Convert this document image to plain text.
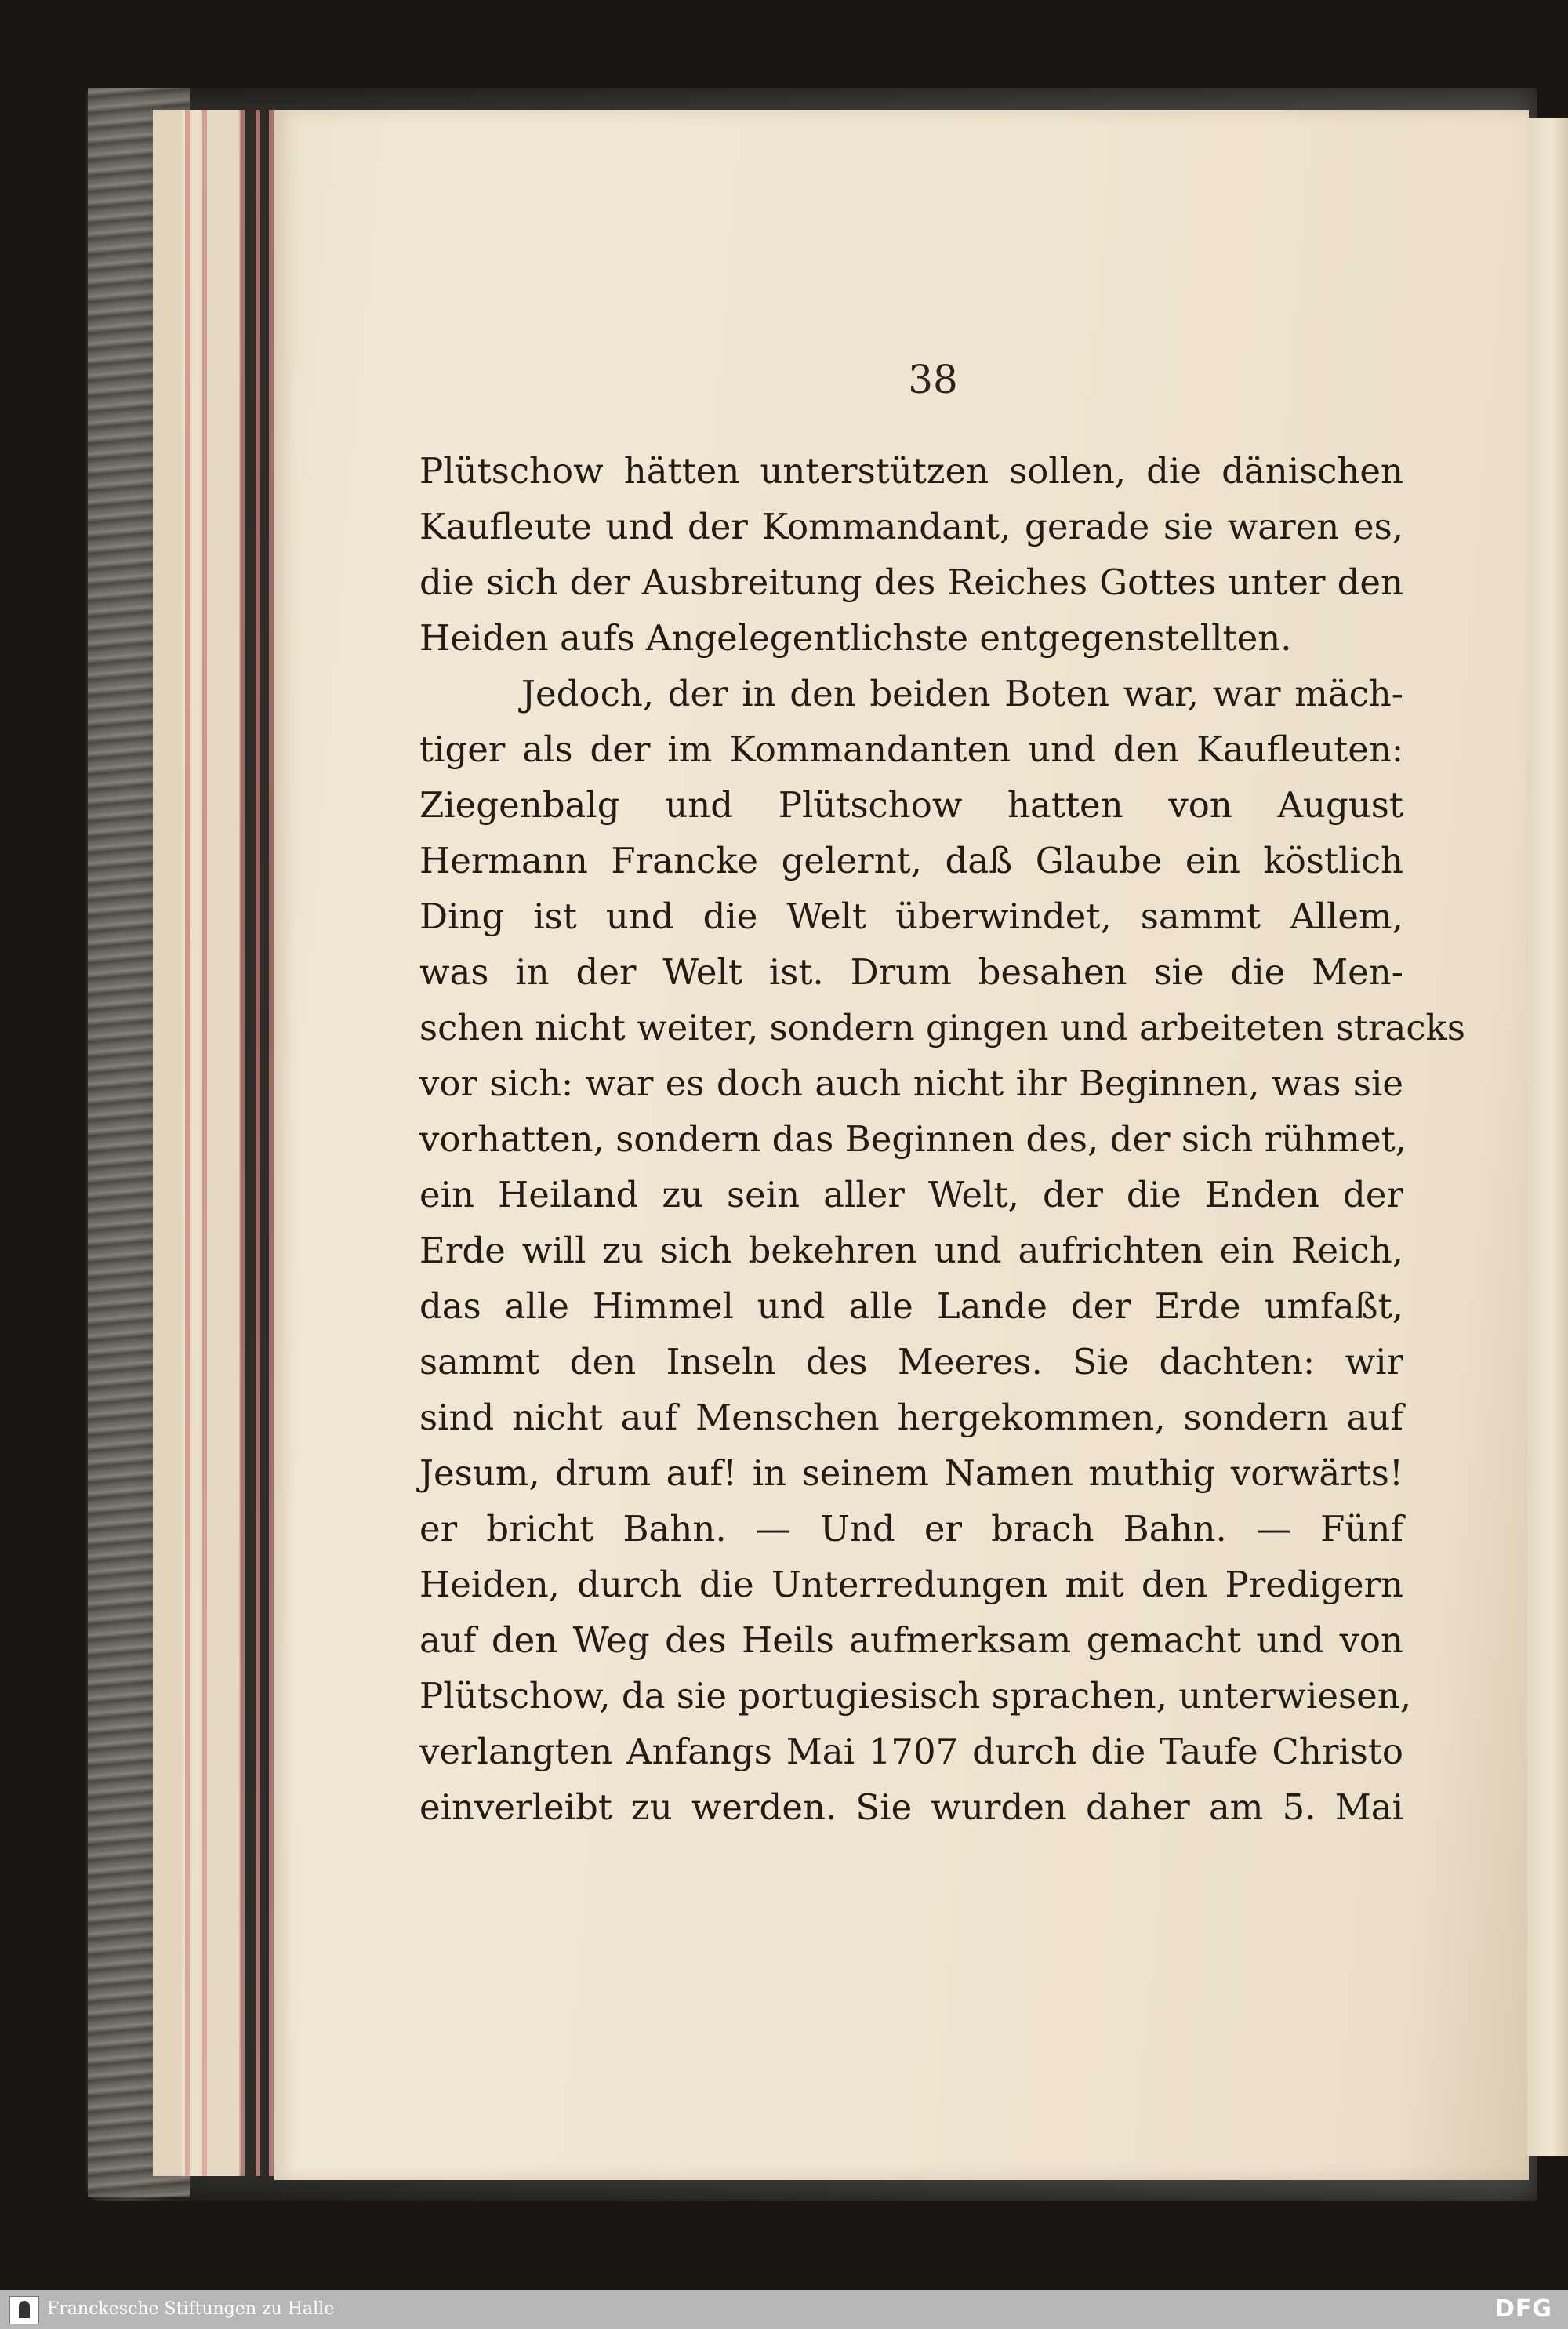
38
Plütschow hätten unterstützen sollen, die dänischen
Kaufleute und der Kommandant, gerade sie waren es,
die sich der Ausbreitung des Reiches Gottes unter den
Heiden aufs Angelegentlichste entgegenstellten.
Jedoch, der in den beiden Boten war, war mäch-
tiger als der im Kommandanten und den Kaufleuten:
Ziegenbalg und Plütschow hatten von August
Hermann Francke gelernt, daß Glaube ein köstlich
Ding ist und die Welt überwindet, sammt Allem,
was in der Welt ist. Drum besahen sie die Men-
schen nicht weiter, sondern gingen und arbeiteten stracks
vor sich: war es doch auch nicht ihr Beginnen, was sie
vorhatten, sondern das Beginnen des, der sich rühmet,
ein Heiland zu sein aller Welt, der die Enden der
Erde will zu sich bekehren und aufrichten ein Reich,
das alle Himmel und alle Lande der Erde umfaßt,
sammt den Inseln des Meeres. Sie dachten: wir
sind nicht auf Menschen hergekommen, sondern auf
Jesum, drum auf! in seinem Namen muthig vorwärts!
er bricht Bahn. — Und er brach Bahn. — Fünf
Heiden, durch die Unterredungen mit den Predigern
auf den Weg des Heils aufmerksam gemacht und von
Plütschow, da sie portugiesisch sprachen, unterwiesen,
verlangten Anfangs Mai 1707 durch die Taufe Christo
einverleibt zu werden. Sie wurden daher am 5. Mai
Franckesche Stiftungen zu Halle	DFG
